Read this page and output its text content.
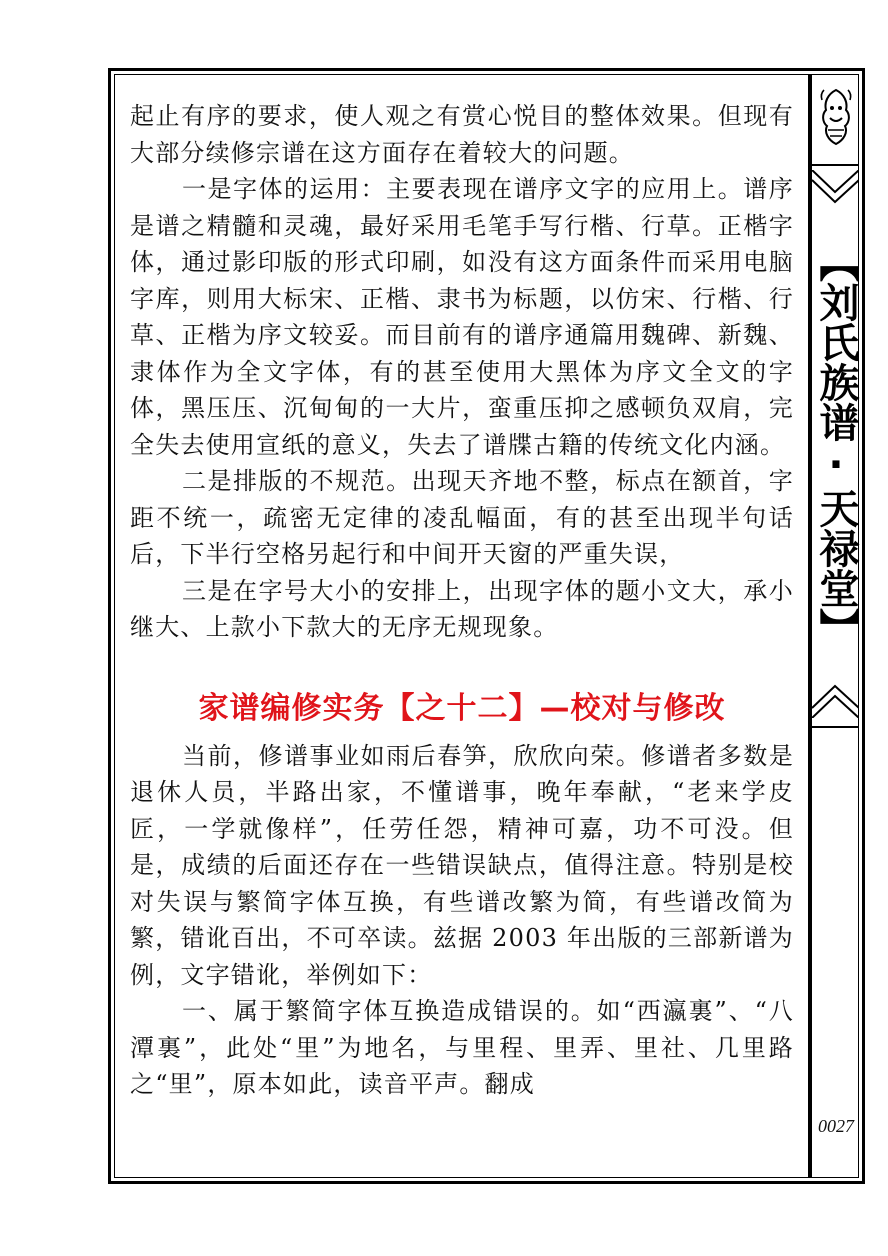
【刘氏族谱·天禄堂】
0027

起止有序的要求，使人观之有赏心悦目的整体效果。但现有大部分续修宗谱在这方面存在着较大的问题。

一是字体的运用：主要表现在谱序文字的应用上。谱序是谱之精髓和灵魂，最好采用毛笔手写行楷、行草。正楷字体，通过影印版的形式印刷，如没有这方面条件而采用电脑字库，则用大标宋、正楷、隶书为标题，以仿宋、行楷、行草、正楷为序文较妥。而目前有的谱序通篇用魏碑、新魏、隶体作为全文字体，有的甚至使用大黑体为序文全文的字体，黑压压、沉甸甸的一大片，蛮重压抑之感顿负双肩，完全失去使用宣纸的意义，失去了谱牒古籍的传统文化内涵。

二是排版的不规范。出现天齐地不整，标点在额首，字距不统一，疏密无定律的凌乱幅面，有的甚至出现半句话后，下半行空格另起行和中间开天窗的严重失误，

三是在字号大小的安排上，出现字体的题小文大，承小继大、上款小下款大的无序无规现象。

家谱编修实务【之十二】—校对与修改

当前，修谱事业如雨后春笋，欣欣向荣。修谱者多数是退休人员，半路出家，不懂谱事，晚年奉献，“老来学皮匠，一学就像样”，任劳任怨，精神可嘉，功不可没。但是，成绩的后面还存在一些错误缺点，值得注意。特别是校对失误与繁简字体互换，有些谱改繁为简，有些谱改简为繁，错讹百出，不可卒读。兹据 2003 年出版的三部新谱为例，文字错讹，举例如下：

一、属于繁简字体互换造成错误的。如“西瀛裏”、“八潭裏”，此处“里”为地名，与里程、里弄、里社、几里路之“里”，原本如此，读音平声。翻成
